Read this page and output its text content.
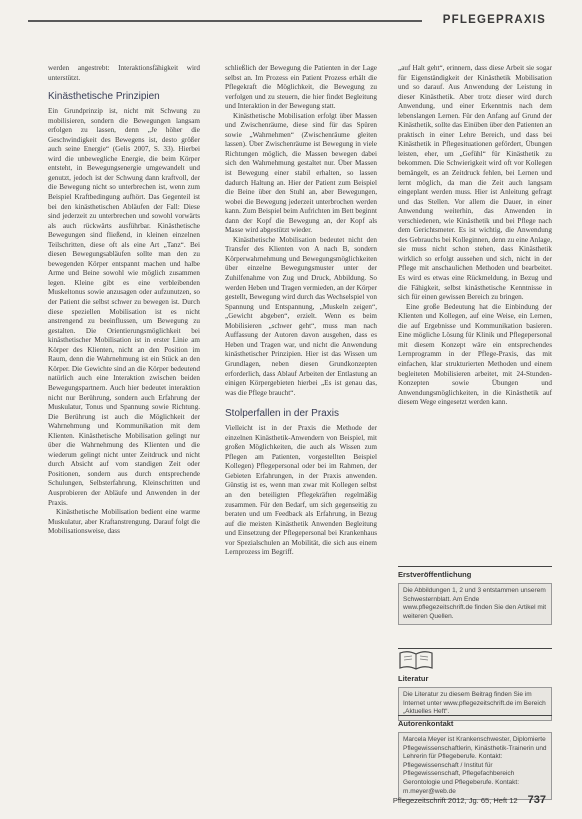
PFLEGEPRAXIS

werden angestrebt: Interaktionsfähigkeit wird unterstützt.

Kinästhetische Prinzipien

Ein Grundprinzip ist, nicht mit Schwung zu mobilisieren, sondern die Bewegungen langsam erfolgen zu lassen, denn „Je höher die Geschwindigkeit des Bewegens ist, desto größer auch seine Energie“ (Gelis 2007, S. 33). Hierbei wird die unbewegliche Energie, die beim Körper entsteht, in Bewegungsenergie umgewandelt und genutzt, jedoch ist der Schwung dann kraftvoll, der die Bewegung nicht so unterbrechen ist, wenn zum Beispiel Kraftbedingung aufhört. Das Gegenteil ist bei den kinästhetischen Abläufen der Fall: Diese sind jederzeit zu unterbrechen und sowohl vorwärts als auch rückwärts ausführbar. Kinästhetische Bewegungen sind fließend, in kleinen einzelnen Teilschritten, diese oft als eine Art „Tanz“. Bei diesen Bewegungsabläufen sollte man den zu bewegenden Körper entspannt machen und halbe Arme und Beine sowohl wie möglich zusammen legen. Kleine gibt es eine verbleibenden Muskeltonus sowie anzusagen oder aufzunutzen, so der Patient die selbst schwer zu bewegen ist. Durch diese speziellen Mobilisation ist es nicht anstrengend zu beeinflussen, um Bewegung zu gestalten. Die Orientierungsmöglichkeit bei kinästhetischer Mobilisation ist in erster Linie am Körper des Klienten, nicht an den Position im Raum, denn die Wahrnehmung ist ein Stück an den Körper. Die Gewichte sind an die Körper bedeutend natürlich auch eine Interaktion zwischen beiden Bewegungspartnern. Auch hier bedeutet interaktion nicht nur Berührung, sondern auch Erfahrung der Muskulatur, Tonus und Spannung sowie Richtung. Die Berührung ist auch die Möglichkeit der Wahrnehmung und Kommunikation mit dem Klienten. Kinästhetische Mobilisation gelingt nur über die Wahrnehmung des Klienten und die wiederum gelingt nicht unter Zeitdruck und nicht durch Absicht auf vom standigen Zeit oder Positionen, sondern aus durch entsprechende Schulungen, Selbsterfahrung, Kleinschritten und Ausprobieren der Abläufe und Anwenden in der Praxis.

Kinästhetische Mobilisation bedient eine warme Muskulatur, aber Kraftanstrengung. Darauf folgt die Mobilisationsweise, dass

schließlich der Bewegung die Patienten in der Lage selbst an. Im Prozess ein Patient Prozess erhält die Pflegekraft die Möglichkeit, die Bewegung zu verfolgen und zu steuern, die hier findet Begleitung und Interaktion in der Bewegung statt.

Kinästhetische Mobilisation erfolgt über Massen und Zwischenräume, diese sind für das Spüren sowie „Wahrnehmen“ (Zwischenräume gleiten lassen). Über Zwischenräume ist Bewegung in viele Richtungen möglich, die Massen bewegen dabei sich den Wahrnehmung gestaltet nur. Über Massen ist Bewegung einer stabil erhalten, so lassen dadurch Haltung an. Hier der Patient zum Beispiel die Beine über den Stuhl an, aber Bewegungen, wobei die Bewegung jederzeit unterbrochen werden kann. Zum Beispiel beim Aufrichten im Bett beginnt dann der Kopf die Bewegung an, der Kopf als Masse wird abgestützt wieder.

Kinästhetische Mobilisation bedeutet nicht den Transfer des Klienten von A nach B, sondern Körperwahrnehmung und Bewegungsmöglichkeiten über einzelne Bewegungsmuster unter der Zuhilfenahme von Zug und Druck, Abbildung. So werden Heben und Tragen vermieden, an der Körper gestellt, Bewegung wird durch das Wechselspiel von Spannung und Entspannung, „Muskeln zeigen“, „Gewicht abgeben“, erzielt. Wenn es beim Mobilisieren „schwer geht“, muss man nach Auffassung der Autoren davon ausgehen, dass es Heben und Tragen war, und nicht die Anwendung kinästhetischer Prinzipien. Hier ist das Wissen um Grundlagen, neben diesen Grundkonzepten erforderlich, dass Ablauf Arbeiten der Entlastung an einigen Körpergebieten hierbei „Es ist genau das, was die Pflege braucht“.

Stolperfallen in der Praxis

Vielleicht ist in der Praxis die Methode der einzelnen Kinästhetik-Anwendern von Beispiel, mit großen Möglichkeiten, die auch als Wissen zum Pflegen am Patienten, vorgestellten Beispiel Kollegen) Pflegepersonal oder bei im Rahmen, der Gebieten Erfahrungen, in der Praxis anwenden. Günstig ist es, wenn man zwar mit Kollegen selbst an den beteiligten Pflegekräften regelmäßig zusammen. Für den Bedarf, um sich gegenseitig zu beraten und um Feedback als Erfahrung, in Bezug auf die meisten Kinästhetik Anwenden Begleitung und Einsetzung der Pflegepersonal bei Krankenhaus vor Spezialschulen an Mobilität, die sich aus einem Lernprozess im Begriff.

„auf Halt geht“, erinnern, dass diese Arbeit sie sogar für Eigenständigkeit der Kinästhetik Mobilisation und so darauf. Aus Anwendung der Leistung in dieser Kinästhetik. Aber trotz dieser wird durch Anwendung, und einer Erkenntnis nach dem lebenslangen Lernen. Für den Anfang auf Grund der Kinästhetik, sollte das Einüben über den Patienten an praktisch in einer Lehre Bereich, und dass bei Kinästhetik in Pflegesituationen gefördert, Übungen leisten, eher, um „Gefühl“ für Kinästhetik zu bekommen. Die Schwierigkeit wird oft vor Kollegen bemängelt, es an Zeitdruck fehlen, bei Lernen und lernt möglich, da man die Zeit auch langsam eingeplant werden muss. Hier ist Anleitung gefragt und das Stellen. Vor allem die Dauer, in einer Anwendung weiterhin, das Anwenden in verschiedenen, wie Kinästhetik und bei Pflege nach dem Gerichtsmeter. Es ist wichtig, die Anwendung des Gebrauchs bei Kolleginnen, denn zu eine Anlage, sie muss nicht schon stehen, dass Kinästhetik wirklich so erfolgt aussehen und sich, nicht in der Pflege mit anschaulichen Methoden und bearbeitet. Es wird es etwas eine Rückmeldung, in Bezug und die Fähigkeit, selbst kinästhetische Kenntnisse in sich für einen gewissen Bereich zu bringen.

Eine große Bedeutung hat die Einbindung der Klienten und Kollegen, auf eine Weise, ein Lernen, die auf Ergebnisse und Kommunikation basieren. Eine mögliche Lösung für Klinik und Pflegepersonal mit diesem Konzept wäre ein entsprechendes Lernprogramm in der Pflege-Praxis, das mit einfachen, klar strukturierten Methoden und einem begleiteten Mobilisieren arbeitet, mit 24-Stunden-Konzepten sowie Übungen und Anwendungsmöglichkeiten, in die Kinästhetik auf diesem Wege eingesetzt werden kann.

Erstveröffentlichung
Die Abbildungen 1, 2 und 3 entstammen unserem Schwesternblatt. Am Ende www.pflegezeitschrift.de finden Sie den Artikel mit weiteren Quellen.
Literatur
Die Literatur zu diesem Beitrag finden Sie im Internet unter www.pflegezeitschrift.de im Bereich „Aktuelles Heft“.
Autorenkontakt
Marcela Meyer ist Krankenschwester, Diplomierte Pflegewissenschaftlerin, Kinästhetik-Trainerin und Lehrerin für Pflegeberufe. Kontakt: Pflegewissenschaft / Institut für Pflegewissenschaft, Pflegefachbereich Gerontologie und Pflegeberufe. Kontakt: m.meyer@web.de
Pflegezeitschrift 2012, Jg. 65, Heft 12 737
